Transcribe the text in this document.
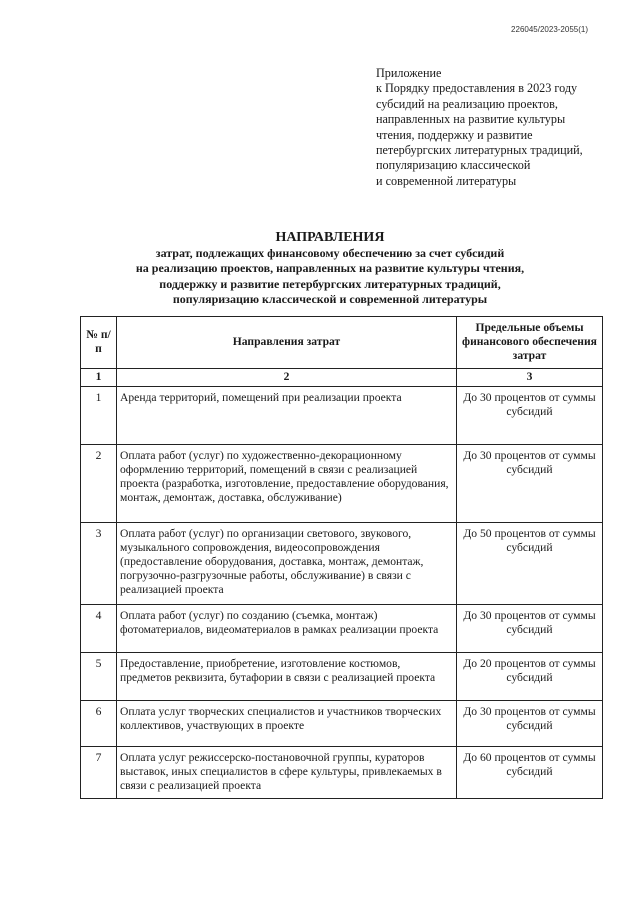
226045/2023-2055(1)
Приложение
к Порядку предоставления в 2023 году
субсидий на реализацию проектов,
направленных на развитие культуры
чтения, поддержку и развитие
петербургских литературных традиций,
популяризацию классической
и современной литературы
НАПРАВЛЕНИЯ
затрат, подлежащих финансовому обеспечению за счет субсидий
на реализацию проектов, направленных на развитие культуры чтения,
поддержку и развитие петербургских литературных традиций,
популяризацию классической и современной литературы
№ п/п	Направления затрат	Предельные объемы финансового обеспечения затрат
1	2	3
1	Аренда территорий, помещений при реализации проекта	До 30 процентов от суммы субсидий
2	Оплата работ (услуг) по художественно-декорационному оформлению территорий, помещений в связи с реализацией проекта (разработка, изготовление, предоставление оборудования, монтаж, демонтаж, доставка, обслуживание)	До 30 процентов от суммы субсидий
3	Оплата работ (услуг) по организации светового, звукового, музыкального сопровождения, видеосопровождения (предоставление оборудования, доставка, монтаж, демонтаж, погрузочно-разгрузочные работы, обслуживание) в связи с реализацией проекта	До 50 процентов от суммы субсидий
4	Оплата работ (услуг) по созданию (съемка, монтаж) фотоматериалов, видеоматериалов в рамках реализации проекта	До 30 процентов от суммы субсидий
5	Предоставление, приобретение, изготовление костюмов, предметов реквизита, бутафории в связи с реализацией проекта	До 20 процентов от суммы субсидий
6	Оплата услуг творческих специалистов и участников творческих коллективов, участвующих в проекте	До 30 процентов от суммы субсидий
7	Оплата услуг режиссерско-постановочной группы, кураторов выставок, иных специалистов в сфере культуры, привлекаемых в связи с реализацией проекта	До 60 процентов от суммы субсидий
